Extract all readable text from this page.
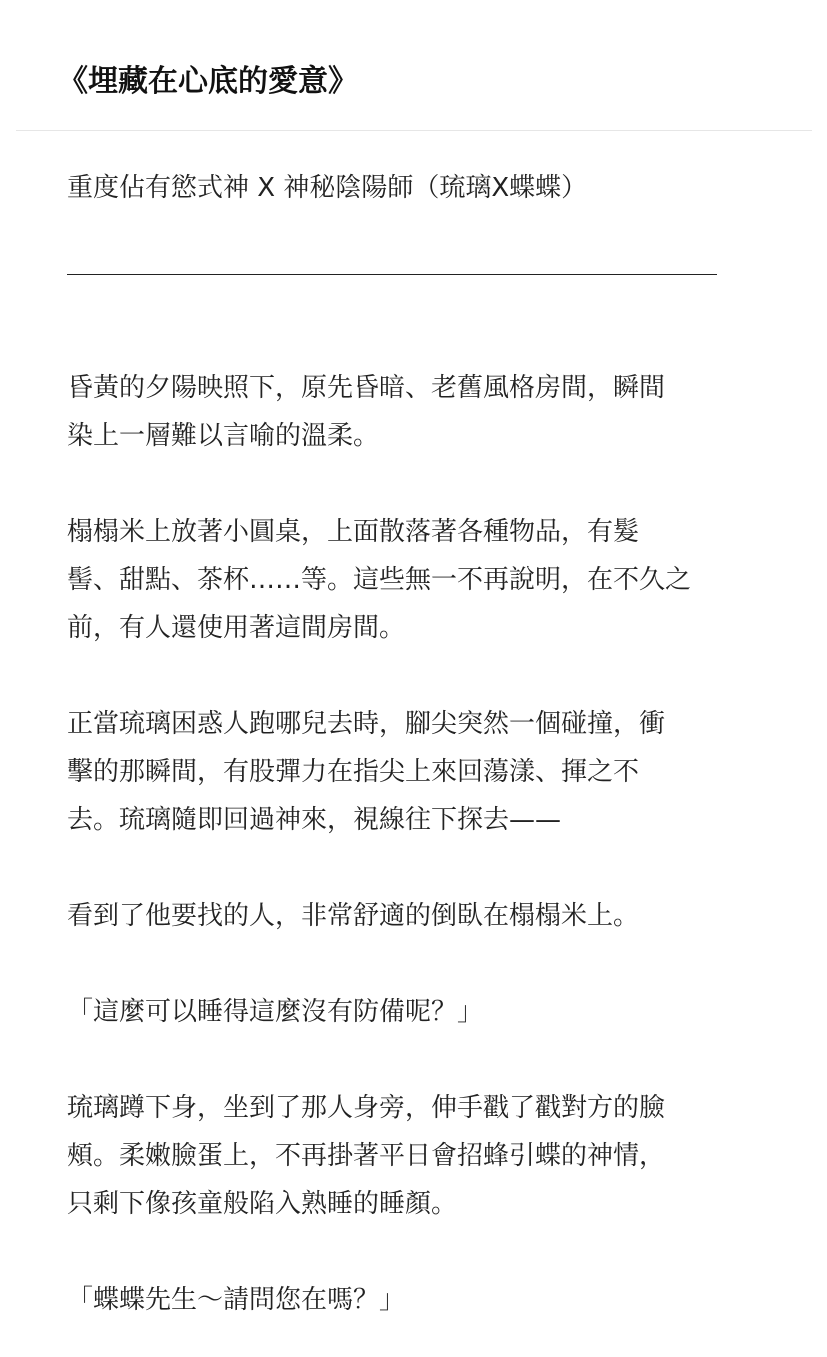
《埋藏在心底的愛意》

重度佔有慾式神 X 神秘陰陽師（琉璃X蝶蝶）

＿＿＿＿＿＿＿＿＿＿＿＿＿＿＿＿＿＿＿＿＿＿＿＿＿

昏黃的夕陽映照下，原先昏暗、老舊風格房間，瞬間
染上一層難以言喻的溫柔。

榻榻米上放著小圓桌，上面散落著各種物品，有髮
髻、甜點、茶杯……等。這些無一不再說明，在不久之
前，有人還使用著這間房間。

正當琉璃困惑人跑哪兒去時，腳尖突然一個碰撞，衝
擊的那瞬間，有股彈力在指尖上來回蕩漾、揮之不
去。琉璃隨即回過神來，視線往下探去——

看到了他要找的人，非常舒適的倒臥在榻榻米上。

「這麼可以睡得這麼沒有防備呢？」

琉璃蹲下身，坐到了那人身旁，伸手戳了戳對方的臉
頰。柔嫩臉蛋上，不再掛著平日會招蜂引蝶的神情，
只剩下像孩童般陷入熟睡的睡顏。

「蝶蝶先生～請問您在嗎？」
